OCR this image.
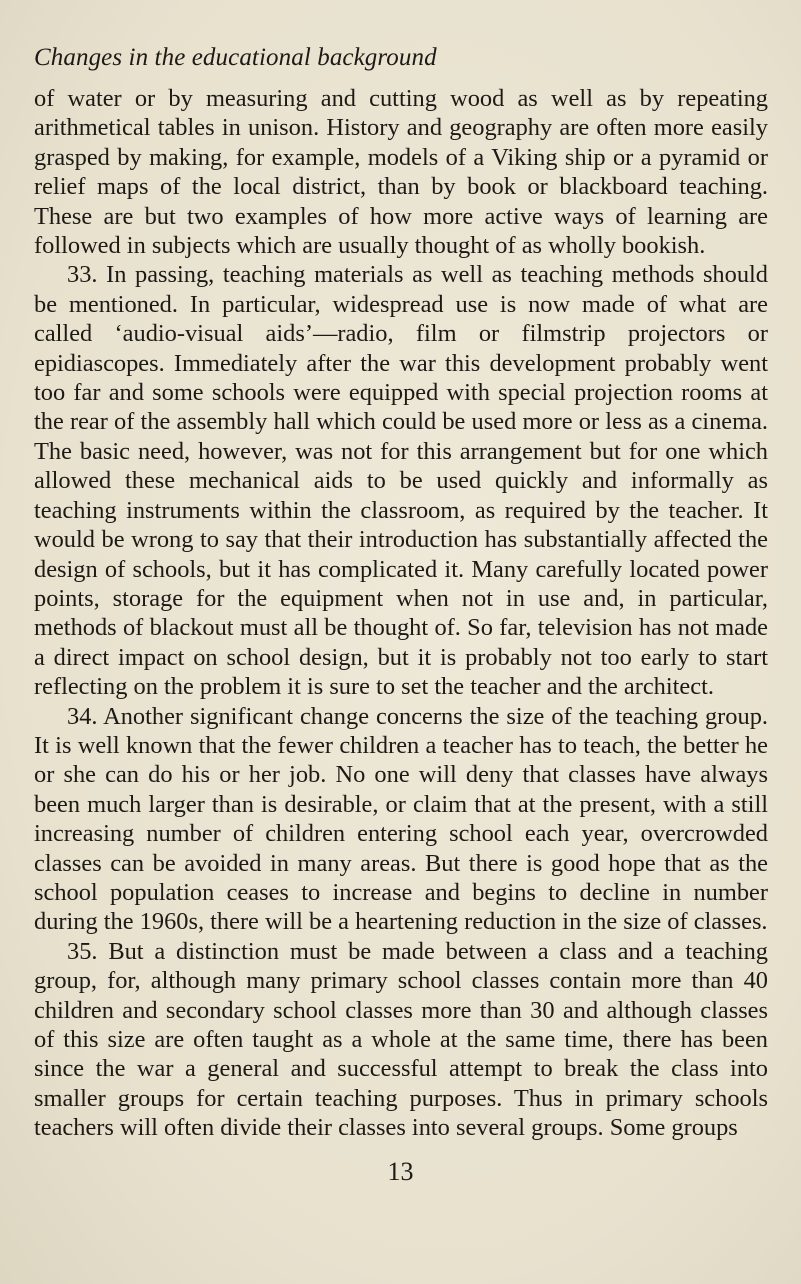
Changes in the educational background

of water or by measuring and cutting wood as well as by repeating arithmetical tables in unison. History and geography are often more easily grasped by making, for example, models of a Viking ship or a pyramid or relief maps of the local district, than by book or blackboard teaching. These are but two examples of how more active ways of learning are followed in subjects which are usually thought of as wholly bookish.

33. In passing, teaching materials as well as teaching methods should be mentioned. In particular, widespread use is now made of what are called ‘audio-visual aids’—radio, film or filmstrip projectors or epidiascopes. Immediately after the war this development probably went too far and some schools were equipped with special projection rooms at the rear of the assembly hall which could be used more or less as a cinema. The basic need, however, was not for this arrangement but for one which allowed these mechanical aids to be used quickly and informally as teaching instruments within the classroom, as required by the teacher. It would be wrong to say that their introduction has substantially affected the design of schools, but it has complicated it. Many carefully located power points, storage for the equipment when not in use and, in particular, methods of blackout must all be thought of. So far, television has not made a direct impact on school design, but it is probably not too early to start reflecting on the problem it is sure to set the teacher and the architect.

34. Another significant change concerns the size of the teaching group. It is well known that the fewer children a teacher has to teach, the better he or she can do his or her job. No one will deny that classes have always been much larger than is desirable, or claim that at the present, with a still increasing number of children entering school each year, overcrowded classes can be avoided in many areas. But there is good hope that as the school population ceases to increase and begins to decline in number during the 1960s, there will be a heartening reduction in the size of classes.

35. But a distinction must be made between a class and a teaching group, for, although many primary school classes contain more than 40 children and secondary school classes more than 30 and although classes of this size are often taught as a whole at the same time, there has been since the war a general and successful attempt to break the class into smaller groups for certain teaching purposes. Thus in primary schools teachers will often divide their classes into several groups. Some groups

13
